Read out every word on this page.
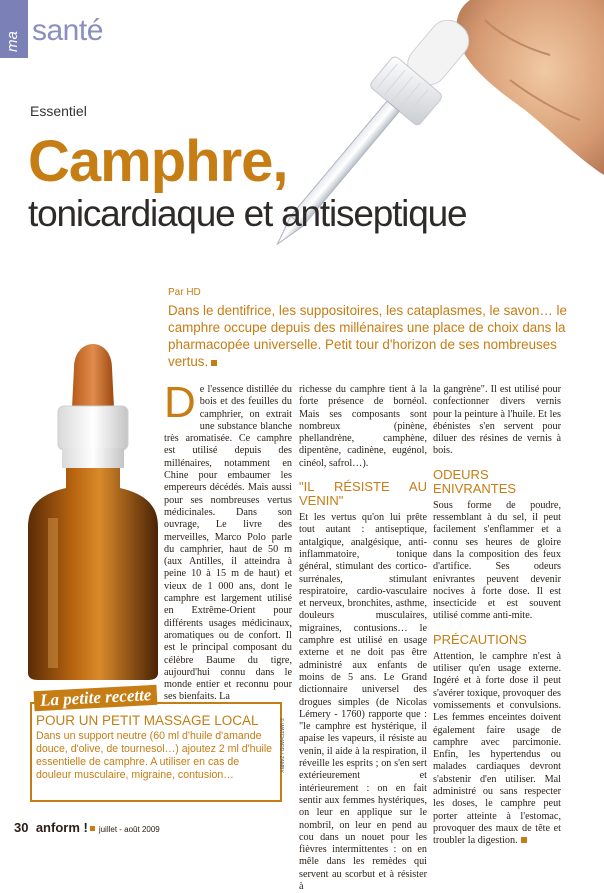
ma santé
Essentiel
Camphre,
tonicardiaque et antiseptique
Par HD
Dans le dentifrice, les suppositoires, les cataplasmes, le savon… le camphre occupe depuis des millénaires une place de choix dans la pharmacopée universelle. Petit tour d'horizon de ses nombreuses vertus.
D e l'essence distillée du bois et des feuilles du camphrier, on extrait une substance blanche très aromatisée. Ce camphre est utilisé depuis des millénaires, notamment en Chine pour embaumer les empereurs décédés. Mais aussi pour ses nombreuses vertus médicinales. Dans son ouvrage, Le livre des merveilles, Marco Polo parle du camphrier, haut de 50 m (aux Antilles, il atteindra à peine 10 à 15 m de haut) et vieux de 1 000 ans, dont le camphre est largement utilisé en Extrême-Orient pour différents usages médicinaux, aromatiques ou de confort. Il est le principal composant du célèbre Baume du tigre, aujourd'hui connu dans le monde entier et reconnu pour ses bienfaits. La

richesse du camphre tient à la forte présence de bornéol. Mais ses composants sont nombreux (pinène, phellandrène, camphène, dipentène, cadinène, eugénol, cinéol, safrol…).

"IL RÉSISTE AU VENIN"

Et les vertus qu'on lui prête tout autant : antiseptique, antalgique, analgésique, anti-inflammatoire, tonique général, stimulant des cortico-surrénales, stimulant respiratoire, cardio-vasculaire et nerveux, bronchites, asthme, douleurs musculaires, migraines, contusions… le camphre est utilisé en usage externe et ne doit pas être administré aux enfants de moins de 5 ans. Le Grand dictionnaire universel des drogues simples (de Nicolas Lémery - 1760) rapporte que : "le camphre est hystérique, il apaise les vapeurs, il résiste au venin, il aide à la respiration, il réveille les esprits ; on s'en sert extérieurement et intérieurement : on en fait sentir aux femmes hystériques, on leur en applique sur le nombril, on leur en pend au cou dans un nouet pour les fièvres intermittentes : on en mêle dans les remèdes qui servent au scorbut et à résister à

la gangrène". Il est utilisé pour confectionner divers vernis pour la peinture à l'huile. Et les ébénistes s'en servent pour diluer des résines de vernis à bois.

ODEURS ENIVRANTES

Sous forme de poudre, ressemblant à du sel, il peut facilement s'enflammer et a connu ses heures de gloire dans la composition des feux d'artifice. Ses odeurs enivrantes peuvent devenir nocives à forte dose. Il est insecticide et est souvent utilisé comme anti-mite.

PRÉCAUTIONS

Attention, le camphre n'est à utiliser qu'en usage externe. Ingéré et à forte dose il peut s'avérer toxique, provoquer des vomissements et convulsions. Les femmes enceintes doivent également faire usage de camphre avec parcimonie. Enfin, les hypertendus ou malades cardiaques devront s'abstenir d'en utiliser. Mal administré ou sans respecter les doses, le camphre peut porter atteinte à l'estomac, provoquer des maux de tête et troubler la digestion.

La petite recette
POUR UN PETIT MASSAGE LOCAL
Dans un support neutre (60 ml d'huile d'amande douce, d'olive, de tournesol…) ajoutez 2 ml d'huile essentielle de camphre. A utiliser en cas de douleur musculaire, migraine, contusion…
© WATCHARD / ZAMBY
30 anform ! juillet - août 2009
